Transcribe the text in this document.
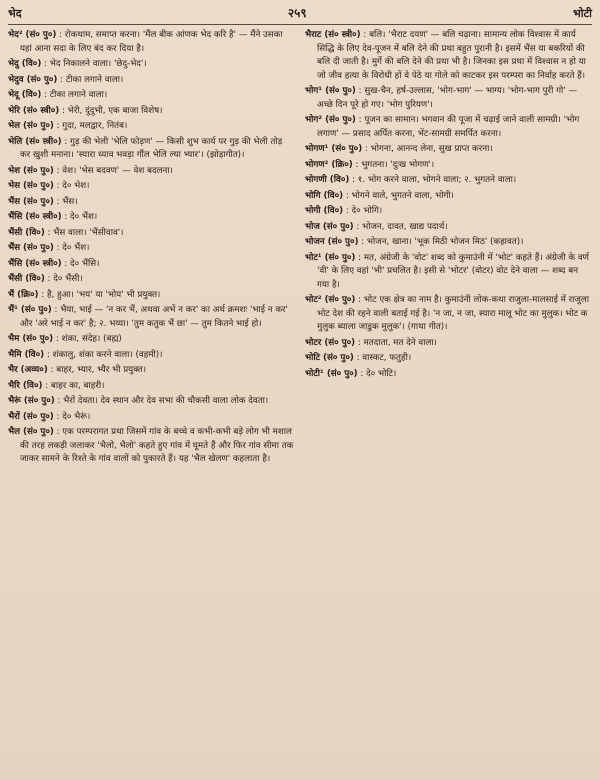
भेद	२५९	भोटी
भेद² (सं० पु०) : रोकथाम, समाप्त करना। 'मैंल बीक आंणक भेद करि है' — मैंने उसका यहां आना सदा के लिए बंद कर दिया है।
भेदु (वि०) : भेद निकालने वाला। 'छेदु-भेद'।
भेदुव (सं० पु०) : टीका लगाने वाला।
भेदू (वि०) : टीका लगाने वाला।
भेरि (सं० स्त्री०) : भेरी, दुंदुभी, एक बाजा विशेष।
भेल (सं० पु०) : गुदा, मलद्वार, नितंब।
भेलि (सं० स्त्री०) : गुड़ की भेली 'भेलि फोड़ण' — किसी शुभ कार्य पर गुड़ की भेली तोड़ कर खुशी मनाना। 'स्यारा ध्याव भवड़ा गौंल भेलि ल्या भ्यार'। (झोड़ागीत)।
भेश (सं० पु०) : वेश। 'भेस बदवण' — वेश बदलना।
भेस (सं० पु०) : दे० भेश।
भैंस (सं० पु०) : भैंस।
भैंसि (सं० स्त्री०) : दे० भैंश।
भैंसी (वि०) : भैंस वाला। 'भैंसीवाव'।
भैंस (सं० पु०) : दे० भैंश।
भैंसि (सं० स्त्री०) : दे० भैंसि।
भैंसी (वि०) : दे० भैंसी।
भैं (क्रि०) : है, हुआ। 'भय' या 'भोय' भी प्रयुक्त।
भैं¹ (सं० पु०) : भैया, भाई — 'न कर भैं, अथवा अभें न कर' का अर्थ क्रमशः 'भाई न कर' और 'अरे भाई न कर' है; २. भय्या। 'तुम कतुक भैं छा' — तुम कितने भाई हो।
भैम (सं० पु०) : शंका, संदेह। (बह्म)
भैमि (वि०) : शंकालु, शंका करने वाला। (वहमी)।
भैर (अव्य०) : बाहर, भ्यार, भ्यैर भी प्रयुक्त।
भैरि (वि०) : बाहर का, बाहरी।
भैरूं (सं० पु०) : भैरों देवता। देव स्थान और देव सभा की चौकसी वाला लोक देवता।
भैरों (सं० पु०) : दे० भैरूं।
भैल (सं० पु०) : एक परम्परागत प्रथा जिसमें गांव के बच्चे व कभी-कभी बड़े लोग भी मशाल की तरह लकड़ी जलाकर 'भैलो, भैलो' कहते हुए गांव में घूमते हैं और फिर गांव सीमा तक जाकर सामने के रिश्ते के गांव वालों को पुकारते हैं। यह 'भैल खेलण' कहलाता है।
भैराट (सं० स्त्री०) : बलि। 'भैराट दयण' — बलि चढ़ाना। सामान्य लोक विश्वास में कार्य सिद्धि के लिए देव-पूजन में बलि देने की प्रथा बहुत पुरानी है। इसमें भैंस या बकरियों की बलि दी जाती है। मुर्गे की बलि देने की प्रथा भी है। जिनका इस प्रथा में विश्वास न हो या जो जीव हत्या के विरोधी हों वे पेठे या गोले को काटकर इस परम्परा का निर्वाह करते हैं।
भोग¹ (सं० पु०) : सुख-चैन, हर्ष-उल्लास, 'भोग-भाग' — भाग्य। 'भोग-भाग पुरी गो' — अच्छे दिन पूरे हो गए। 'भोग पुरियण'।
भोग² (सं० पु०) : पूजन का सामान। भगवान की पूजा में चढ़ाई जाने वाली सामग्री। 'भोग लगाण' — प्रसाद अर्पित करना, भेंट-सामग्री समर्पित करना।
भोगण¹ (सं० पु०) : भोगना, आनन्द लेना, सुख प्राप्त करना।
भोगण² (क्रि०) : भुगतना। 'दुःख भोगण'।
भोगणी (वि०) : १. भोग करने वाला, भोगने वाला; २. भुगतने वाला।
भोगि (वि०) : भोगने वाले, भुगतने वाला, भोगी।
भोगी (वि०) : दे० भोगि।
भोज (सं० पु०) : भोजन, दावत, खाद्य पदार्थ।
भोजन (सं० पु०) : भोजन, खाना। 'भूक मिठी भोजन मिठ' (कहावत)।
भोट¹ (सं० पु०) : मत, अंग्रेजी के 'वोट' शब्द को कुमाउंनी में 'भोट' कहते हैं। अंग्रेजी के वर्ण 'वी' के लिए वहां 'भी' प्रचलित है। इसी से 'भोटर' (वोटर) वोट देने वाला — शब्द बन गया है।
भोट² (सं० पु०) : भोट एक क्षेत्र का नाम है। कुमाउंनी लोक-कथा राजुला-मालसाई में राजुला भोट देश की रहने वाली बताई गई है। 'न जा, न जा, स्यारा मालू भोट का मुलुक। भोट क मुलुक ब्याला जाडुक मुलुक'। (गाथा गीत)।
भोटर (सं० पु०) : मतदाता, मत देने वाला।
भोटि (सं० पु०) : वास्कट, फतुही।
भोटी¹ (सं० पु०) : दे० भोटि।
